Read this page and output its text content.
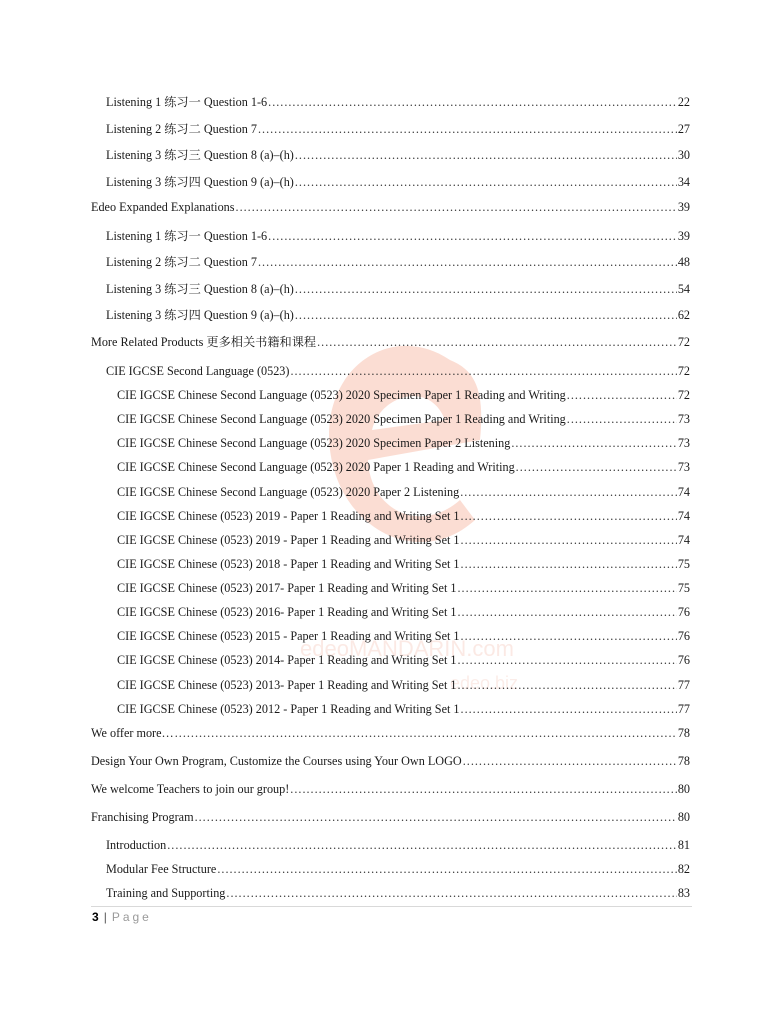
edeoMANDARIN.com
edeo.biz
Listening 1 练习一 Question 1-6 .....	22
Listening 2 练习二 Question 7 .....	27
Listening 3 练习三 Question 8 (a)–(h) .....	30
Listening 3 练习四 Question 9 (a)–(h) .....	34
Edeo Expanded Explanations .....	39
Listening 1 练习一 Question 1-6 .....	39
Listening 2 练习二 Question 7 .....	48
Listening 3 练习三 Question 8 (a)–(h) .....	54
Listening 3 练习四 Question 9 (a)–(h) .....	62
More Related Products 更多相关书籍和课程 .....	72
CIE IGCSE Second Language (0523) .....	72
CIE IGCSE Chinese Second Language (0523) 2020 Specimen Paper 1 Reading and Writing .....	72
CIE IGCSE Chinese Second Language (0523) 2020 Specimen Paper 1 Reading and Writing .....	73
CIE IGCSE Chinese Second Language (0523) 2020 Specimen Paper 2 Listening .....	73
CIE IGCSE Chinese Second Language (0523) 2020 Paper 1 Reading and Writing .....	73
CIE IGCSE Chinese Second Language (0523) 2020 Paper 2 Listening .....	74
CIE IGCSE Chinese (0523) 2019 - Paper 1 Reading and Writing Set 1 .....	74
CIE IGCSE Chinese (0523) 2019 - Paper 1 Reading and Writing Set 1 .....	74
CIE IGCSE Chinese (0523) 2018 - Paper 1 Reading and Writing Set 1 .....	75
CIE IGCSE Chinese (0523) 2017- Paper 1 Reading and Writing Set 1 .....	75
CIE IGCSE Chinese (0523) 2016- Paper 1 Reading and Writing Set 1 .....	76
CIE IGCSE Chinese (0523) 2015 - Paper 1 Reading and Writing Set 1 .....	76
CIE IGCSE Chinese (0523) 2014- Paper 1 Reading and Writing Set 1 .....	76
CIE IGCSE Chinese (0523) 2013- Paper 1 Reading and Writing Set 1 .....	77
CIE IGCSE Chinese (0523) 2012 - Paper 1 Reading and Writing Set 1 .....	77
We offer more… .....	78
Design Your Own Program, Customize the Courses using Your Own LOGO .....	78
We welcome Teachers to join our group! .....	80
Franchising Program .....	80
Introduction .....	81
Modular Fee Structure .....	82
Training and Supporting .....	83
3 | Page
